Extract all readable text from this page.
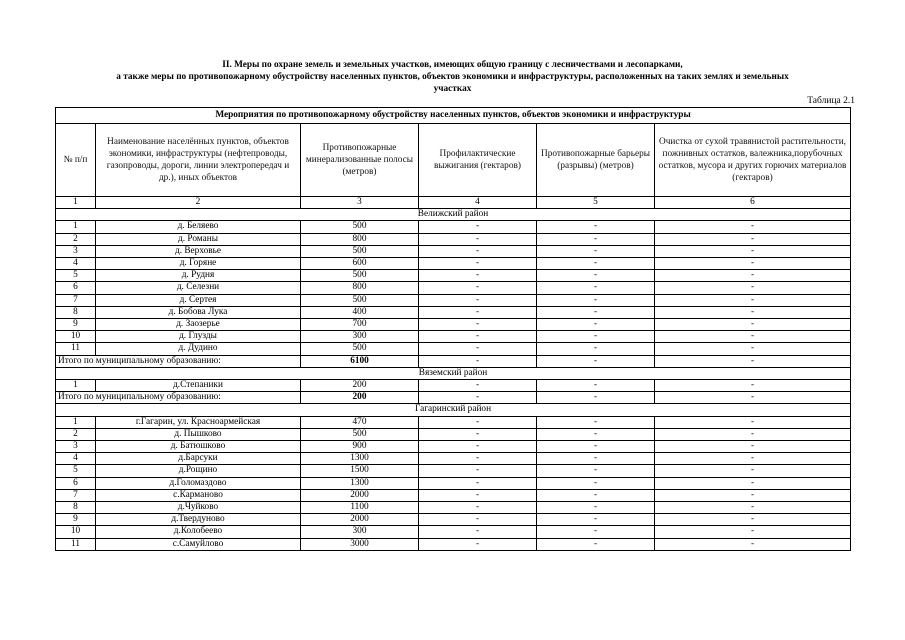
II. Меры по охране земель и земельных участков, имеющих общую границу с лесничествами и лесопарками,
а также меры по противопожарному обустройству населенных пунктов, объектов экономики и инфраструктуры, расположенных на таких землях и земельных
участках
Таблица 2.1
Мероприятия по противопожарному обустройству населенных пунктов, объектов экономики и инфраструктуры					
№ п/п	Наименование населённых пунктов, объектов экономики, инфраструктуры (нефтепроводы, газопроводы, дороги, линии электропередач и др.), иных объектов	Противопожарные минерализованные полосы (метров)	Профилактические выжигания (гектаров)	Противопожарные барьеры (разрывы) (метров)	Очистка от сухой травянистой растительности, пожнивных остатков, валежника,порубочных остатков, мусора и других горючих материалов (гектаров)
1	2	3	4	5	6
Велижский район					
1	д. Беляево	500	-	-	-
2	д. Романы	800	-	-	-
3	д. Верховье	500	-	-	-
4	д. Горяне	600	-	-	-
5	д. Рудня	500	-	-	-
6	д. Селезни	800	-	-	-
7	д. Сертея	500	-	-	-
8	д. Бобова Лука	400	-	-	-
9	д. Заозерье	700	-	-	-
10	д. Глузды	300	-	-	-
11	д. Дудино	500	-	-	-
Итого по муниципальному образованию:		6100	-	-	-
Вяземский район					
1	д.Степаники	200	-	-	-
Итого по муниципальному образованию:		200	-	-	-
Гагаринский район					
1	г.Гагарин, ул. Красноармейская	470	-	-	-
2	д. Пышково	500	-	-	-
3	д. Батюшково	900	-	-	-
4	д.Барсуки	1300	-	-	-
5	д.Рощино	1500	-	-	-
6	д.Голомаздово	1300	-	-	-
7	с.Карманово	2000	-	-	-
8	д.Чуйково	1100	-	-	-
9	д.Твердуново	2000	-	-	-
10	д.Колобеево	300	-	-	-
11	с.Самуйлово	3000	-	-	-
